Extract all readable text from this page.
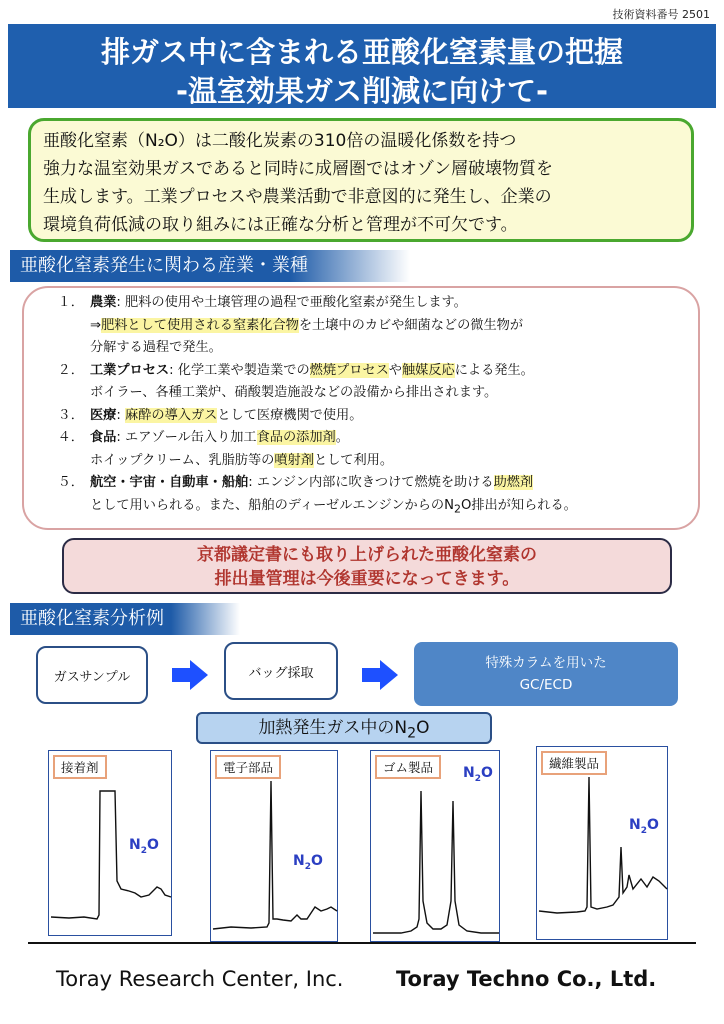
技術資料番号 2501
排ガス中に含まれる亜酸化窒素量の把握
-温室効果ガス削減に向けて-
亜酸化窒素（N₂O）は二酸化炭素の310倍の温暖化係数を持つ
強力な温室効果ガスであると同時に成層圏ではオゾン層破壊物質を
生成します。工業プロセスや農業活動で非意図的に発生し、企業の
環境負荷低減の取り組みには正確な分析と管理が不可欠です。
亜酸化窒素発生に関わる産業・業種
１． 農業: 肥料の使用や土壌管理の過程で亜酸化窒素が発生します。
⇒肥料として使用される窒素化合物を土壌中のカビや細菌などの微生物が
分解する過程で発生。
２． 工業プロセス: 化学工業や製造業での燃焼プロセスや触媒反応による発生。
ボイラー、各種工業炉、硝酸製造施設などの設備から排出されます。
３． 医療: 麻酔の導入ガスとして医療機関で使用。
４． 食品: エアゾール缶入り加工食品の添加剤。
ホイップクリーム、乳脂肪等の噴射剤として利用。
５． 航空・宇宙・自動車・船舶: エンジン内部に吹きつけて燃焼を助ける助燃剤
として用いられる。また、船舶のディーゼルエンジンからの$N_2O$排出が知られる。
京都議定書にも取り上げられた亜酸化窒素の
排出量管理は今後重要になってきます。
亜酸化窒素分析例
ガスサンプル	バッグ採取
特殊カラムを用いた
GC/ECD
加熱発生ガス中の$N_2O$
接着剤
$N_2O$
電子部品
$N_2O$
ゴム製品	$N_2O$
繊維製品
$N_2O$
Toray Research Center, Inc.	Toray Techno Co., Ltd.
